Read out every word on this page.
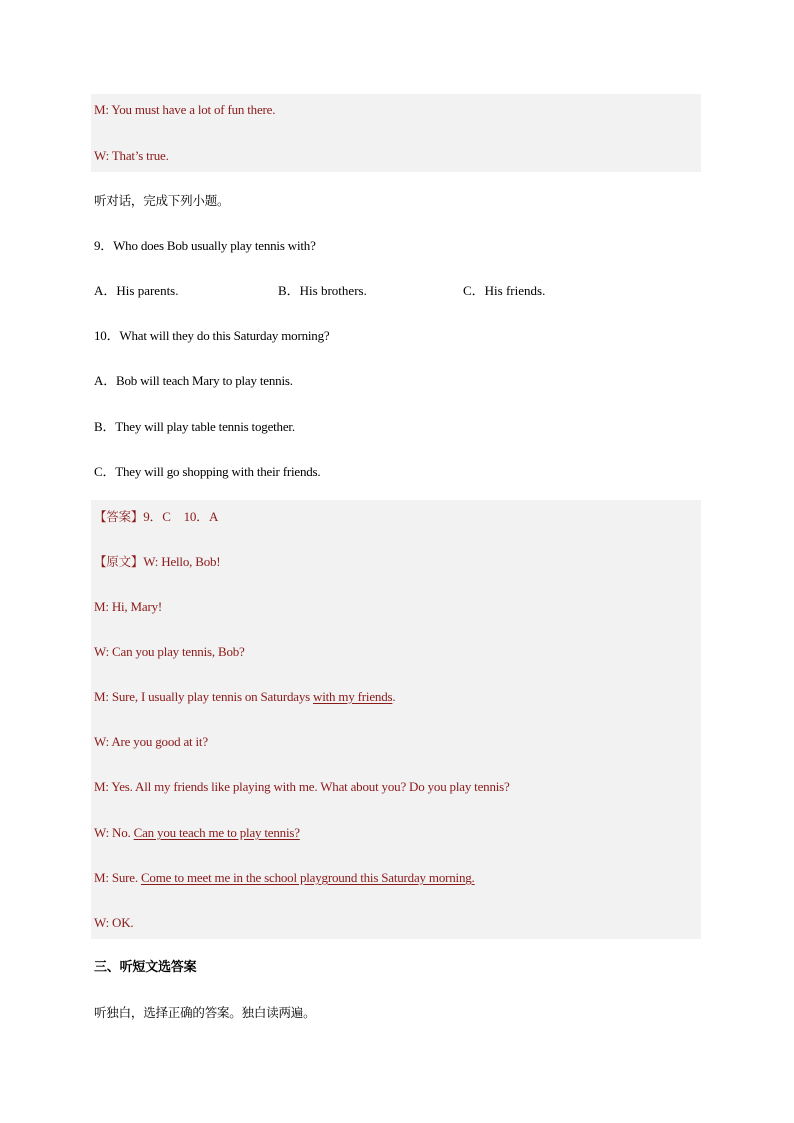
M: You must have a lot of fun there.
W: That’s true.
听对话，完成下列小题。
9．Who does Bob usually play tennis with?
A．His parents.	B．His brothers.	C．His friends.
10．What will they do this Saturday morning?
A．Bob will teach Mary to play tennis.
B．They will play table tennis together.
C．They will go shopping with their friends.
【答案】9．C　10．A
【原文】W: Hello, Bob!
M: Hi, Mary!
W: Can you play tennis, Bob?
M: Sure, I usually play tennis on Saturdays with my friends.
W: Are you good at it?
M: Yes. All my friends like playing with me. What about you? Do you play tennis?
W: No. Can you teach me to play tennis?
M: Sure. Come to meet me in the school playground this Saturday morning.
W: OK.
三、听短文选答案
听独白，选择正确的答案。独白读两遍。
